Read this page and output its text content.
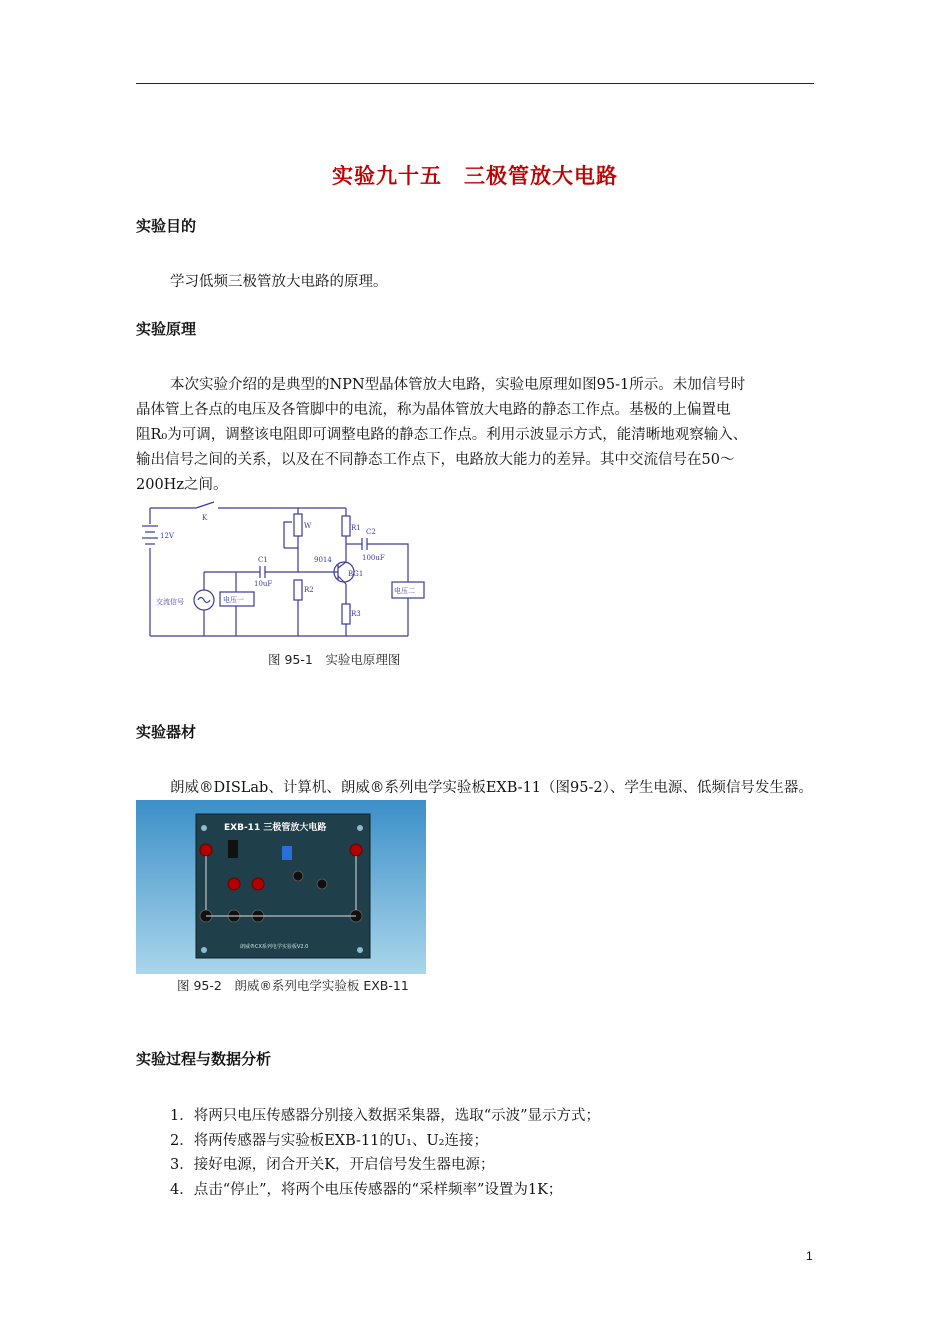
实验九十五　三极管放大电路
实验目的
学习低频三极管放大电路的原理。
实验原理
本次实验介绍的是典型的NPN型晶体管放大电路，实验电原理如图95-1所示。未加信号时
晶体管上各点的电压及各管脚中的电流，称为晶体管放大电路的静态工作点。基极的上偏置电
阻R₀为可调，调整该电阻即可调整电路的静态工作点。利用示波显示方式，能清晰地观察输入、
输出信号之间的关系，以及在不同静态工作点下，电路放大能力的差异。其中交流信号在50～
200Hz之间。
K
12V
W	R1
R2
R3
C1
10uF
C2
100uF
9014
BG1
交流信号	电压一
电压二
图 95-1　实验电原理图
实验器材
朗威®DISLab、计算机、朗威®系列电学实验板EXB-11（图95-2）、学生电源、低频信号发生器。
EXB-11 三极管放大电路
朗威®CX系列电学实验板V2.0
图 95-2　朗威®系列电学实验板 EXB-11
实验过程与数据分析
1．将两只电压传感器分别接入数据采集器，选取“示波”显示方式；
2．将两传感器与实验板EXB-11的U₁、U₂连接；
3．接好电源，闭合开关K，开启信号发生器电源；
4．点击“停止”，将两个电压传感器的“采样频率”设置为1K；
1
